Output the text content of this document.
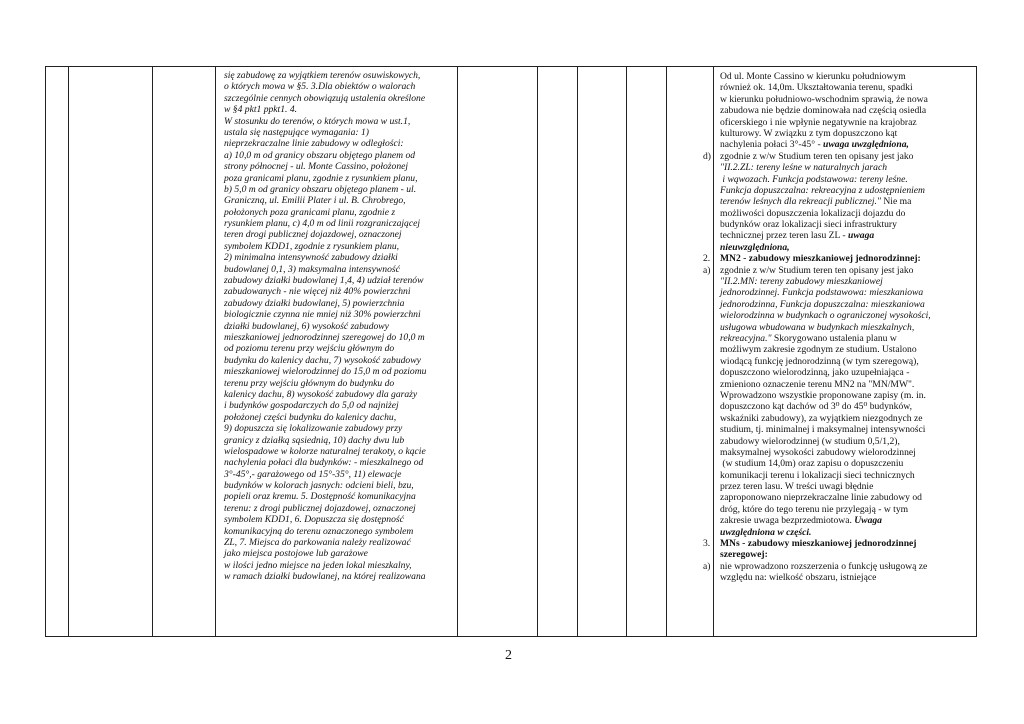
się zabudowę za wyjątkiem terenów osuwiskowych,
o których mowa w §5. 3.Dla obiektów o walorach
szczególnie cennych obowiązują ustalenia określone
w §4 pkt1 ppkt1. 4.
W stosunku do terenów, o których mowa w ust.1,
ustala się następujące wymagania: 1)
nieprzekraczalne linie zabudowy w odległości:
a) 10,0 m od granicy obszaru objętego planem od
strony północnej - ul. Monte Cassino, położonej
poza granicami planu, zgodnie z rysunkiem planu,
b) 5,0 m od granicy obszaru objętego planem - ul.
Graniczną, ul. Emilii Plater i ul. B. Chrobrego,
położonych poza granicami planu, zgodnie z
rysunkiem planu, c) 4,0 m od linii rozgraniczającej
teren drogi publicznej dojazdowej, oznaczonej
symbolem KDD1, zgodnie z rysunkiem planu,
2) minimalna intensywność zabudowy działki
budowlanej 0,1, 3) maksymalna intensywność
zabudowy działki budowlanej 1,4, 4) udział terenów
zabudowanych - nie więcej niż 40% powierzchni
zabudowy działki budowlanej, 5) powierzchnia
biologicznie czynna nie mniej niż 30% powierzchni
działki budowlanej, 6) wysokość zabudowy
mieszkaniowej jednorodzinnej szeregowej do 10,0 m
od poziomu terenu przy wejściu głównym do
budynku do kalenicy dachu, 7) wysokość zabudowy
mieszkaniowej wielorodzinnej do 15,0 m od poziomu
terenu przy wejściu głównym do budynku do
kalenicy dachu, 8) wysokość zabudowy dla garaży
i budynków gospodarczych do 5,0 od najniżej
położonej części budynku do kalenicy dachu,
9) dopuszcza się lokalizowanie zabudowy przy
granicy z działką sąsiednią, 10) dachy dwu lub
wielospadowe w kolorze naturalnej terakoty, o kącie
nachylenia połaci dla budynków: - mieszkalnego od
3°-45°,- garażowego od 15°-35°, 11) elewacje
budynków w kolorach jasnych: odcieni bieli, bzu,
popieli oraz kremu. 5. Dostępność komunikacyjna
terenu: z drogi publicznej dojazdowej, oznaczonej
symbolem KDD1, 6. Dopuszcza się dostępność
komunikacyjną do terenu oznaczonego symbolem
ZL, 7. Miejsca do parkowania należy realizować
jako miejsca postojowe lub garażowe
w ilości jedno miejsce na jeden lokal mieszkalny,
w ramach działki budowlanej, na której realizowana
Od ul. Monte Cassino w kierunku południowym
również ok. 14,0m. Ukształtowania terenu, spadki
w kierunku południowo-wschodnim sprawią, że nowa
zabudowa nie będzie dominowała nad częścią osiedla
oficerskiego i nie wpłynie negatywnie na krajobraz
kulturowy. W związku z tym dopuszczono kąt
nachylenia połaci 3°-45° - uwaga uwzględniona,
d) zgodnie z w/w Studium teren ten opisany jest jako
"II.2.ZL: tereny leśne w naturalnych jarach
i wąwozach. Funkcja podstawowa: tereny leśne.
Funkcja dopuszczalna: rekreacyjna z udostępnieniem
terenów leśnych dla rekreacji publicznej." Nie ma
możliwości dopuszczenia lokalizacji dojazdu do
budynków oraz lokalizacji sieci infrastruktury
technicznej przez teren lasu ZL - uwaga
nieuwzględniona,
2. MN2 - zabudowy mieszkaniowej jednorodzinnej:
a) zgodnie z w/w Studium teren ten opisany jest jako
"II.2.MN: tereny zabudowy mieszkaniowej
jednorodzinnej. Funkcja podstawowa: mieszkaniowa
jednorodzinna, Funkcja dopuszczalna: mieszkaniowa
wielorodzinna w budynkach o ograniczonej wysokości,
usługowa wbudowana w budynkach mieszkalnych,
rekreacyjna." Skorygowano ustalenia planu w
możliwym zakresie zgodnym ze studium. Ustalono
wiodącą funkcję jednorodzinną (w tym szeregową),
dopuszczono wielorodzinną, jako uzupełniająca -
zmieniono oznaczenie terenu MN2 na "MN/MW".
Wprowadzono wszystkie proponowane zapisy (m. in.
dopuszczono kąt dachów od 3⁰ do 45⁰ budynków,
wskaźniki zabudowy), za wyjątkiem niezgodnych ze
studium, tj. minimalnej i maksymalnej intensywności
zabudowy wielorodzinnej (w studium 0,5/1,2),
maksymalnej wysokości zabudowy wielorodzinnej
(w studium 14,0m) oraz zapisu o dopuszczeniu
komunikacji terenu i lokalizacji sieci technicznych
przez teren lasu. W treści uwagi błędnie
zaproponowano nieprzekraczalne linie zabudowy od
dróg, które do tego terenu nie przylegają - w tym
zakresie uwaga bezprzedmiotowa. Uwaga
uwzględniona w części.
3. MNs - zabudowy mieszkaniowej jednorodzinnej
szeregowej:
a) nie wprowadzono rozszerzenia o funkcję usługową ze
względu na: wielkość obszaru, istniejące
2
